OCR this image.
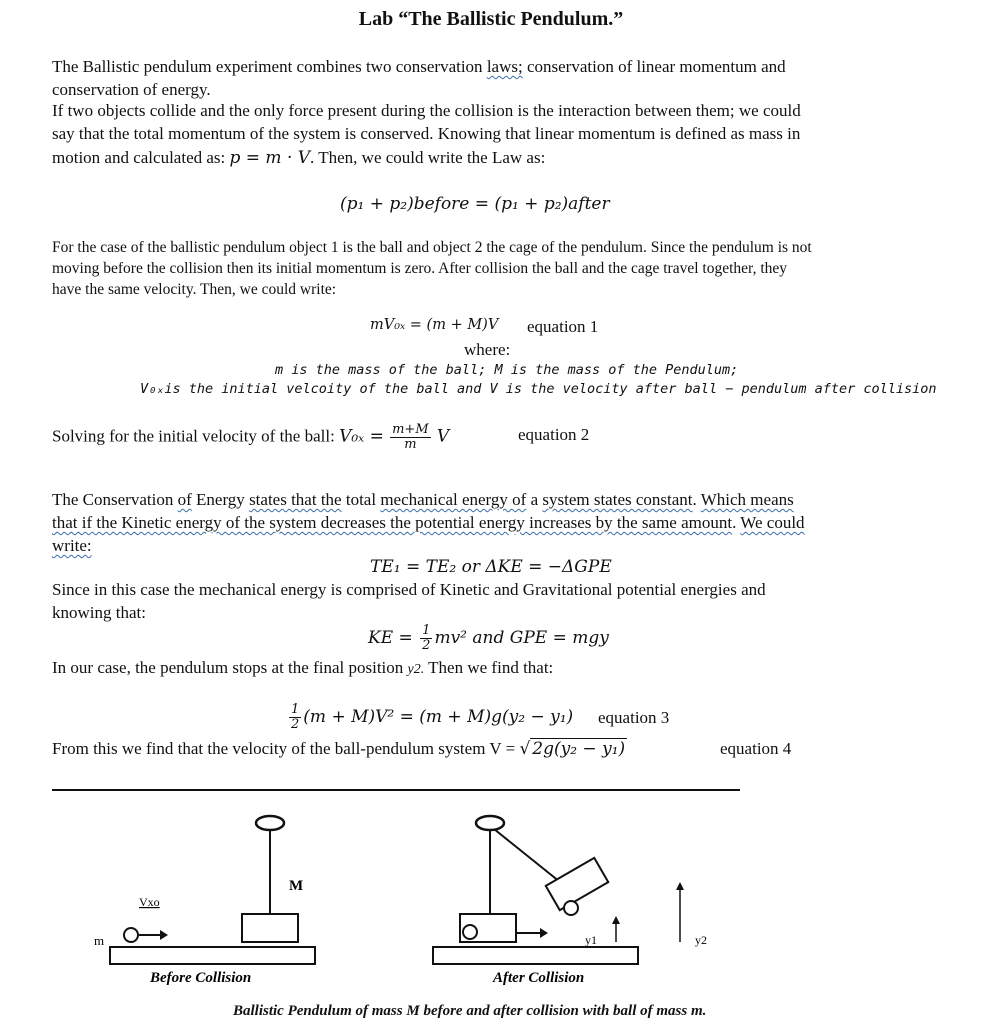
Lab “The Ballistic Pendulum.”
The Ballistic pendulum experiment combines two conservation laws; conservation of linear momentum and
conservation of energy.
If two objects collide and the only force present during the collision is the interaction between them; we could
say that the total momentum of the system is conserved. Knowing that linear momentum is defined as mass in
motion and calculated as: p = m · V. Then, we could write the Law as:
(p₁ + p₂)before = (p₁ + p₂)after
For the case of the ballistic pendulum object 1 is the ball and object 2 the cage of the pendulum. Since the pendulum is not
moving before the collision then its initial momentum is zero. After collision the ball and the cage travel together, they
have the same velocity. Then, we could write:
mV₀ₓ = (m + M)V equation 1
where:
m is the mass of the ball; M is the mass of the Pendulum;
V₀ₓis the initial velcoity of the ball and V is the velocity after ball − pendulum after collision
Solving for the initial velocity of the ball: $V_{0x} = \frac{m+M}{m}$ V	equation 2
The Conservation of Energy states that the total mechanical energy of a system states constant. Which means
that if the Kinetic energy of the system decreases the potential energy increases by the same amount. We could
write:
TE₁ = TE₂ or ΔKE = −ΔGPE
Since in this case the mechanical energy is comprised of Kinetic and Gravitational potential energies and
knowing that:
KE = $\frac{1}{2} mv^2$ and GPE = mgy
In our case, the pendulum stops at the final position y2. Then we find that:
$\frac{1}{2} (m + M)V^2 = (m + M)g(y_2 - y_1)$ equation 3
From this we find that the velocity of the ball-pendulum system V = √ 2g(y₂ − y₁)	equation 4
m
Vxo
M
Before Collision
y1	y2
After Collision
Ballistic Pendulum of mass M before and after collision with ball of mass m.
